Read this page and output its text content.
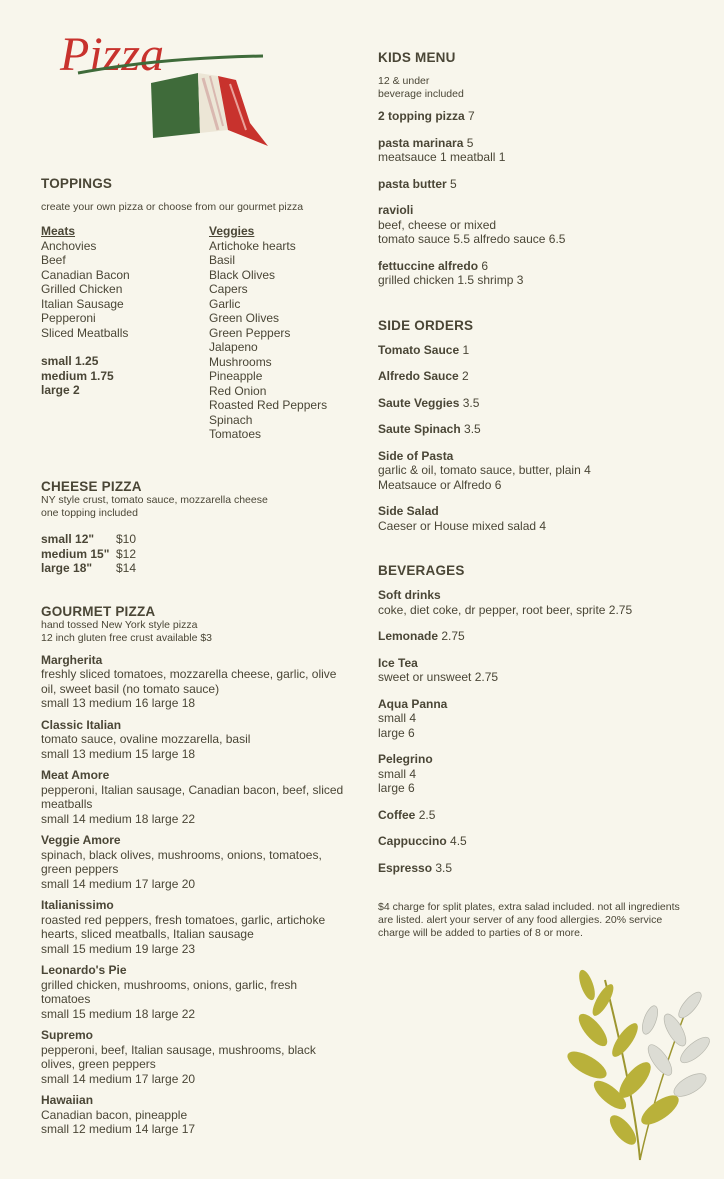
Pizza
TOPPINGS
create your own pizza or choose from our gourmet pizza
Meats
Anchovies
Beef
Canadian Bacon
Grilled Chicken
Italian Sausage
Pepperoni
Sliced Meatballs
small 1.25
medium 1.75
large 2
Veggies
Artichoke hearts
Basil
Black Olives
Capers
Garlic
Green Olives
Green Peppers
Jalapeno
Mushrooms
Pineapple
Red Onion
Roasted Red Peppers
Spinach
Tomatoes
CHEESE PIZZA
NY style crust, tomato sauce, mozzarella cheese
one topping included
small 12"	$10
medium 15" $12
large 18"	$14
GOURMET PIZZA
hand tossed New York style pizza
12 inch gluten free crust available $3
Margherita
freshly sliced tomatoes, mozzarella cheese, garlic, olive oil, sweet basil (no tomato sauce)
small 13 medium 16 large 18
Classic Italian
tomato sauce, ovaline mozzarella, basil
small 13 medium 15 large 18
Meat Amore
pepperoni, Italian sausage, Canadian bacon, beef, sliced meatballs
small 14 medium 18 large 22
Veggie Amore
spinach, black olives, mushrooms, onions, tomatoes, green peppers
small 14 medium 17 large 20
Italianissimo
roasted red peppers, fresh tomatoes, garlic, artichoke hearts, sliced meatballs, Italian sausage
small 15 medium 19 large 23
Leonardo's Pie
grilled chicken, mushrooms, onions, garlic, fresh tomatoes
small 15 medium 18 large 22
Supremo
pepperoni, beef, Italian sausage, mushrooms, black olives, green peppers
small 14 medium 17 large 20
Hawaiian
Canadian bacon, pineapple
small 12 medium 14 large 17
KIDS MENU
12 & under
beverage included
2 topping pizza 7
pasta marinara 5
meatsauce 1 meatball 1
pasta butter 5
ravioli
beef, cheese or mixed
tomato sauce 5.5 alfredo sauce 6.5
fettuccine alfredo 6
grilled chicken 1.5 shrimp 3
SIDE ORDERS
Tomato Sauce 1
Alfredo Sauce 2
Saute Veggies 3.5
Saute Spinach 3.5
Side of Pasta
garlic & oil, tomato sauce, butter, plain 4
Meatsauce or Alfredo 6
Side Salad
Caeser or House mixed salad 4
BEVERAGES
Soft drinks
coke, diet coke, dr pepper, root beer, sprite 2.75
Lemonade 2.75
Ice Tea
sweet or unsweet 2.75
Aqua Panna
small 4
large 6
Pelegrino
small 4
large 6
Coffee 2.5
Cappuccino 4.5
Espresso 3.5
$4 charge for split plates, extra salad included. not all ingredients are listed. alert your server of any food allergies. 20% service charge will be added to parties of 8 or more.
